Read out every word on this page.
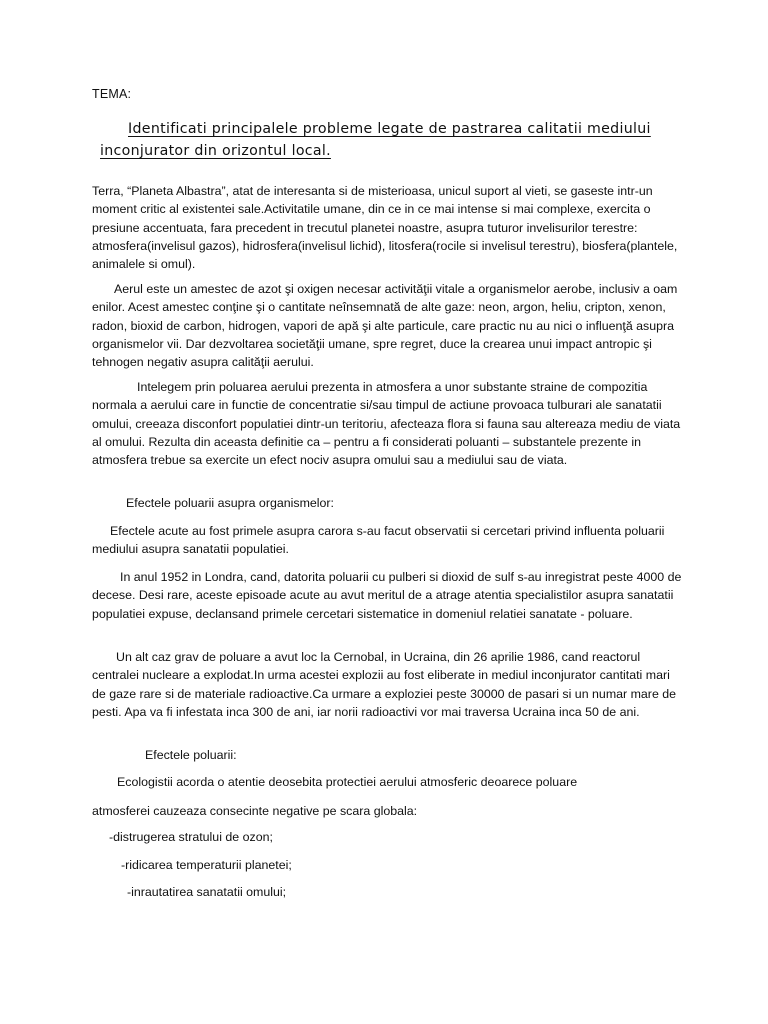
TEMA:
Identificati principalele probleme legate de pastrarea calitatii mediului inconjurator din orizontul local.

Terra, “Planeta Albastra”, atat de interesanta si de misterioasa, unicul suport al vieti, se gaseste intr-un moment critic al existentei sale.Activitatile umane, din ce in ce mai intense si mai complexe, exercita o presiune accentuata, fara precedent in trecutul planetei noastre, asupra tuturor invelisurilor terestre: atmosfera(invelisul gazos), hidrosfera(invelisul lichid), litosfera(rocile si invelisul terestru), biosfera(plantele, animalele si omul).

Aerul este un amestec de azot şi oxigen necesar activităţii vitale a organismelor aerobe, inclusiv a oam enilor. Acest amestec conţine şi o cantitate neînsemnată de alte gaze: neon, argon, heliu, cripton, xenon, radon, bioxid de carbon, hidrogen, vapori de apă şi alte particule, care practic nu au nici o influenţă asupra organismelor vii. Dar dezvoltarea societăţii umane, spre regret, duce la crearea unui impact antropic şi tehnogen negativ asupra calităţii aerului.

Intelegem prin poluarea aerului prezenta in atmosfera a unor substante straine de compozitia normala a aerului care in functie de concentratie si/sau timpul de actiune provoaca tulburari ale sanatatii omului, creeaza disconfort populatiei dintr-un teritoriu, afecteaza flora si fauna sau altereaza mediu de viata al omului. Rezulta din aceasta definitie ca – pentru a fi considerati poluanti – substantele prezente in atmosfera trebue sa exercite un efect nociv asupra omului sau a mediului sau de viata.

Efectele poluarii asupra organismelor:

Efectele acute au fost primele asupra carora s-au facut observatii si cercetari privind influenta poluarii mediului asupra sanatatii populatiei.

In anul 1952 in Londra, cand, datorita poluarii cu pulberi si dioxid de sulf s-au inregistrat peste 4000 de decese. Desi rare, aceste episoade acute au avut meritul de a atrage atentia specialistilor asupra sanatatii populatiei expuse, declansand primele cercetari sistematice in domeniul relatiei sanatate - poluare.

Un alt caz grav de poluare a avut loc la Cernobal, in Ucraina, din 26 aprilie 1986, cand reactorul centralei nucleare a explodat.In urma acestei explozii au fost eliberate in mediul inconjurator cantitati mari de gaze rare si de materiale radioactive.Ca urmare a exploziei peste 30000 de pasari si un numar mare de pesti. Apa va fi infestata inca 300 de ani, iar norii radioactivi vor mai traversa Ucraina inca 50 de ani.

Efectele poluarii:

Ecologistii acorda o atentie deosebita protectiei aerului atmosferic deoarece poluare

atmosferei cauzeaza consecinte negative pe scara globala:

-distrugerea stratului de ozon;

-ridicarea temperaturii planetei;

-inrautatirea sanatatii omului;
